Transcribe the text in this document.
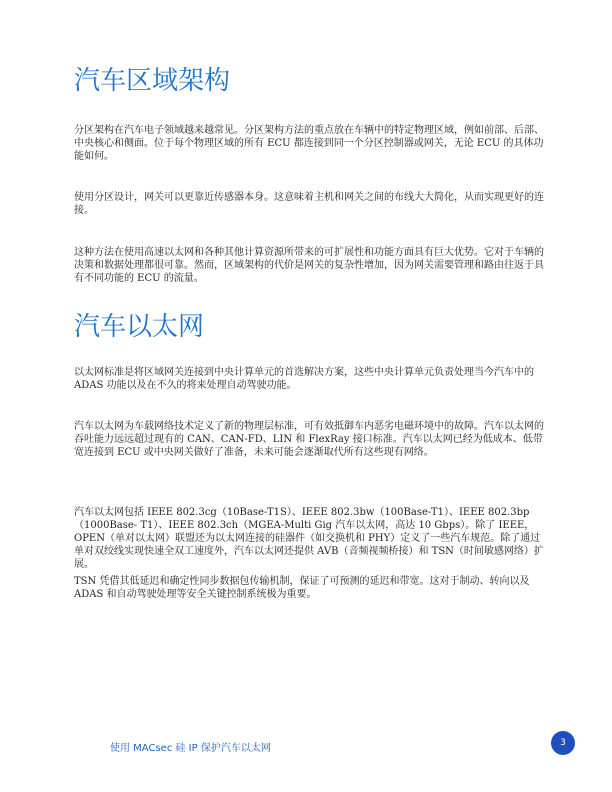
汽车区域架构

分区架构在汽车电子领域越来越常见。分区架构方法的重点放在车辆中的特定物理区域，例如前部、后部、中央核心和侧面。位于每个物理区域的所有 ECU 都连接到同一个分区控制器或网关，无论 ECU 的具体功能如何。

使用分区设计，网关可以更靠近传感器本身。这意味着主机和网关之间的布线大大简化，从而实现更好的连接。

这种方法在使用高速以太网和各种其他计算资源所带来的可扩展性和功能方面具有巨大优势。它对于车辆的决策和数据处理都很可靠。然而，区域架构的代价是网关的复杂性增加，因为网关需要管理和路由往返于具有不同功能的 ECU 的流量。

汽车以太网

以太网标准是将区域网关连接到中央计算单元的首选解决方案，这些中央计算单元负责处理当今汽车中的 ADAS 功能以及在不久的将来处理自动驾驶功能。

汽车以太网为车载网络技术定义了新的物理层标准，可有效抵御车内恶劣电磁环境中的故障。汽车以太网的吞吐能力远远超过现有的 CAN、CAN-FD、LIN 和 FlexRay 接口标准。汽车以太网已经为低成本、低带宽连接到 ECU 或中央网关做好了准备，未来可能会逐渐取代所有这些现有网络。

汽车以太网包括 IEEE 802.3cg（10Base-T1S）、IEEE 802.3bw（100Base-T1）、IEEE 802.3bp（1000Base- T1）、IEEE 802.3ch（MGEA-Multi Gig 汽车以太网，高达 10 Gbps）。除了 IEEE，OPEN（单对以太网）联盟还为以太网连接的硅器件（如交换机和 PHY）定义了一些汽车规范。除了通过单对双绞线实现快速全双工速度外，汽车以太网还提供 AVB（音频视频桥接）和 TSN（时间敏感网络）扩展。

TSN 凭借其低延迟和确定性同步数据包传输机制，保证了可预测的延迟和带宽。这对于制动、转向以及 ADAS 和自动驾驶处理等安全关键控制系统极为重要。

使用 MACsec 硅 IP 保护汽车以太网	3
